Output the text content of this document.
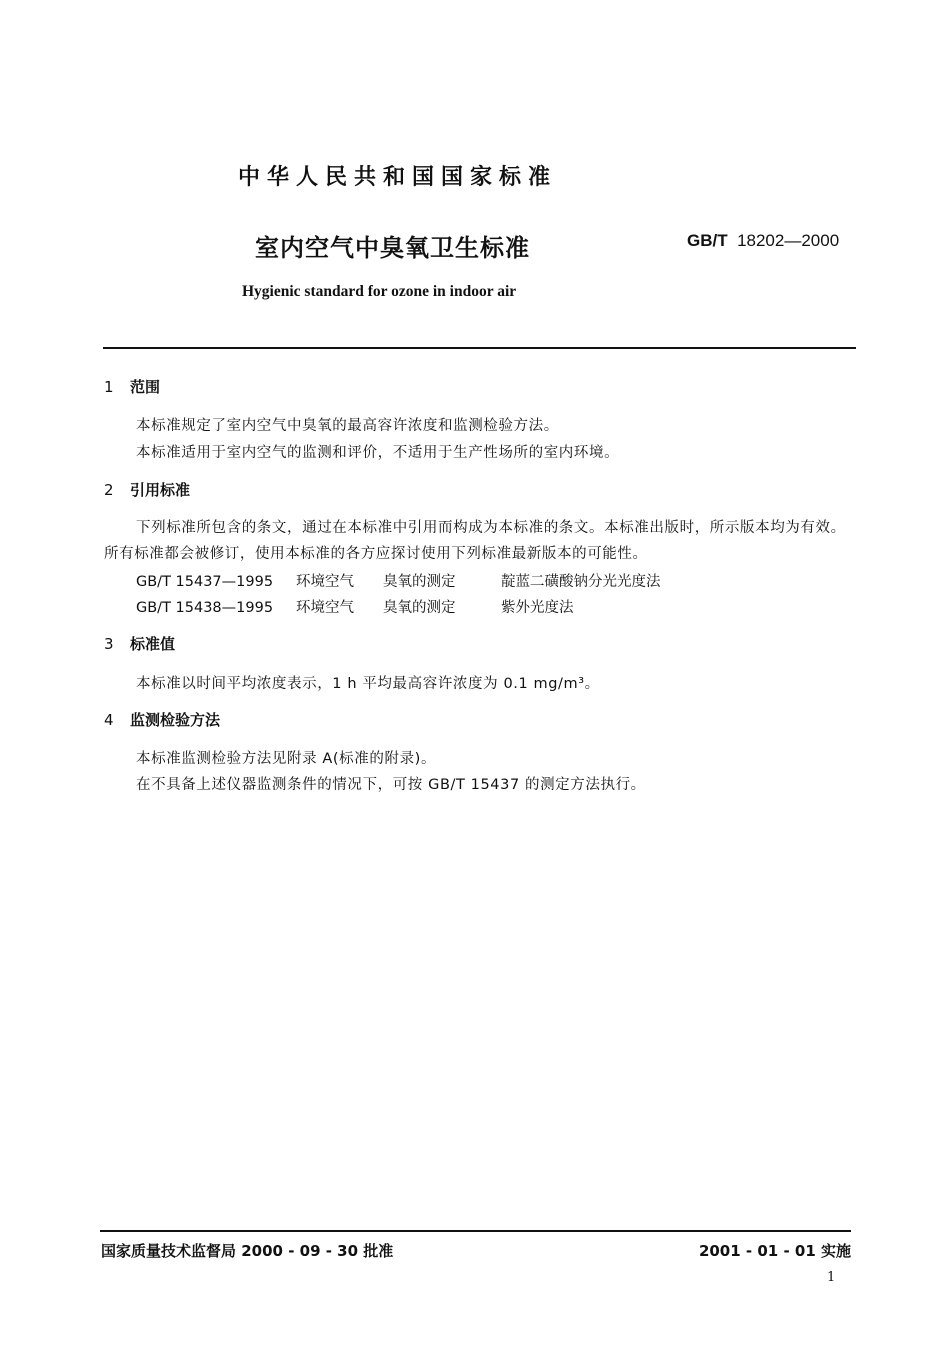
中华人民共和国国家标准
室内空气中臭氧卫生标准	GB/T 18202—2000
Hygienic standard for ozone in indoor air
1 范围
本标准规定了室内空气中臭氧的最高容许浓度和监测检验方法。
本标准适用于室内空气的监测和评价，不适用于生产性场所的室内环境。
2 引用标准
下列标准所包含的条文，通过在本标准中引用而构成为本标准的条文。本标准出版时，所示版本均为有效。所有标准都会被修订，使用本标准的各方应探讨使用下列标准最新版本的可能性。
GB/T 15437—1995 环境空气 臭氧的测定	靛蓝二磺酸钠分光光度法
GB/T 15438—1995 环境空气 臭氧的测定	紫外光度法
3 标准值
本标准以时间平均浓度表示，1 h 平均最高容许浓度为 0.1 mg/m³。
4 监测检验方法
本标准监测检验方法见附录 A(标准的附录)。
在不具备上述仪器监测条件的情况下，可按 GB/T 15437 的测定方法执行。
国家质量技术监督局 2000 - 09 - 30 批准	2001 - 01 - 01 实施
1
